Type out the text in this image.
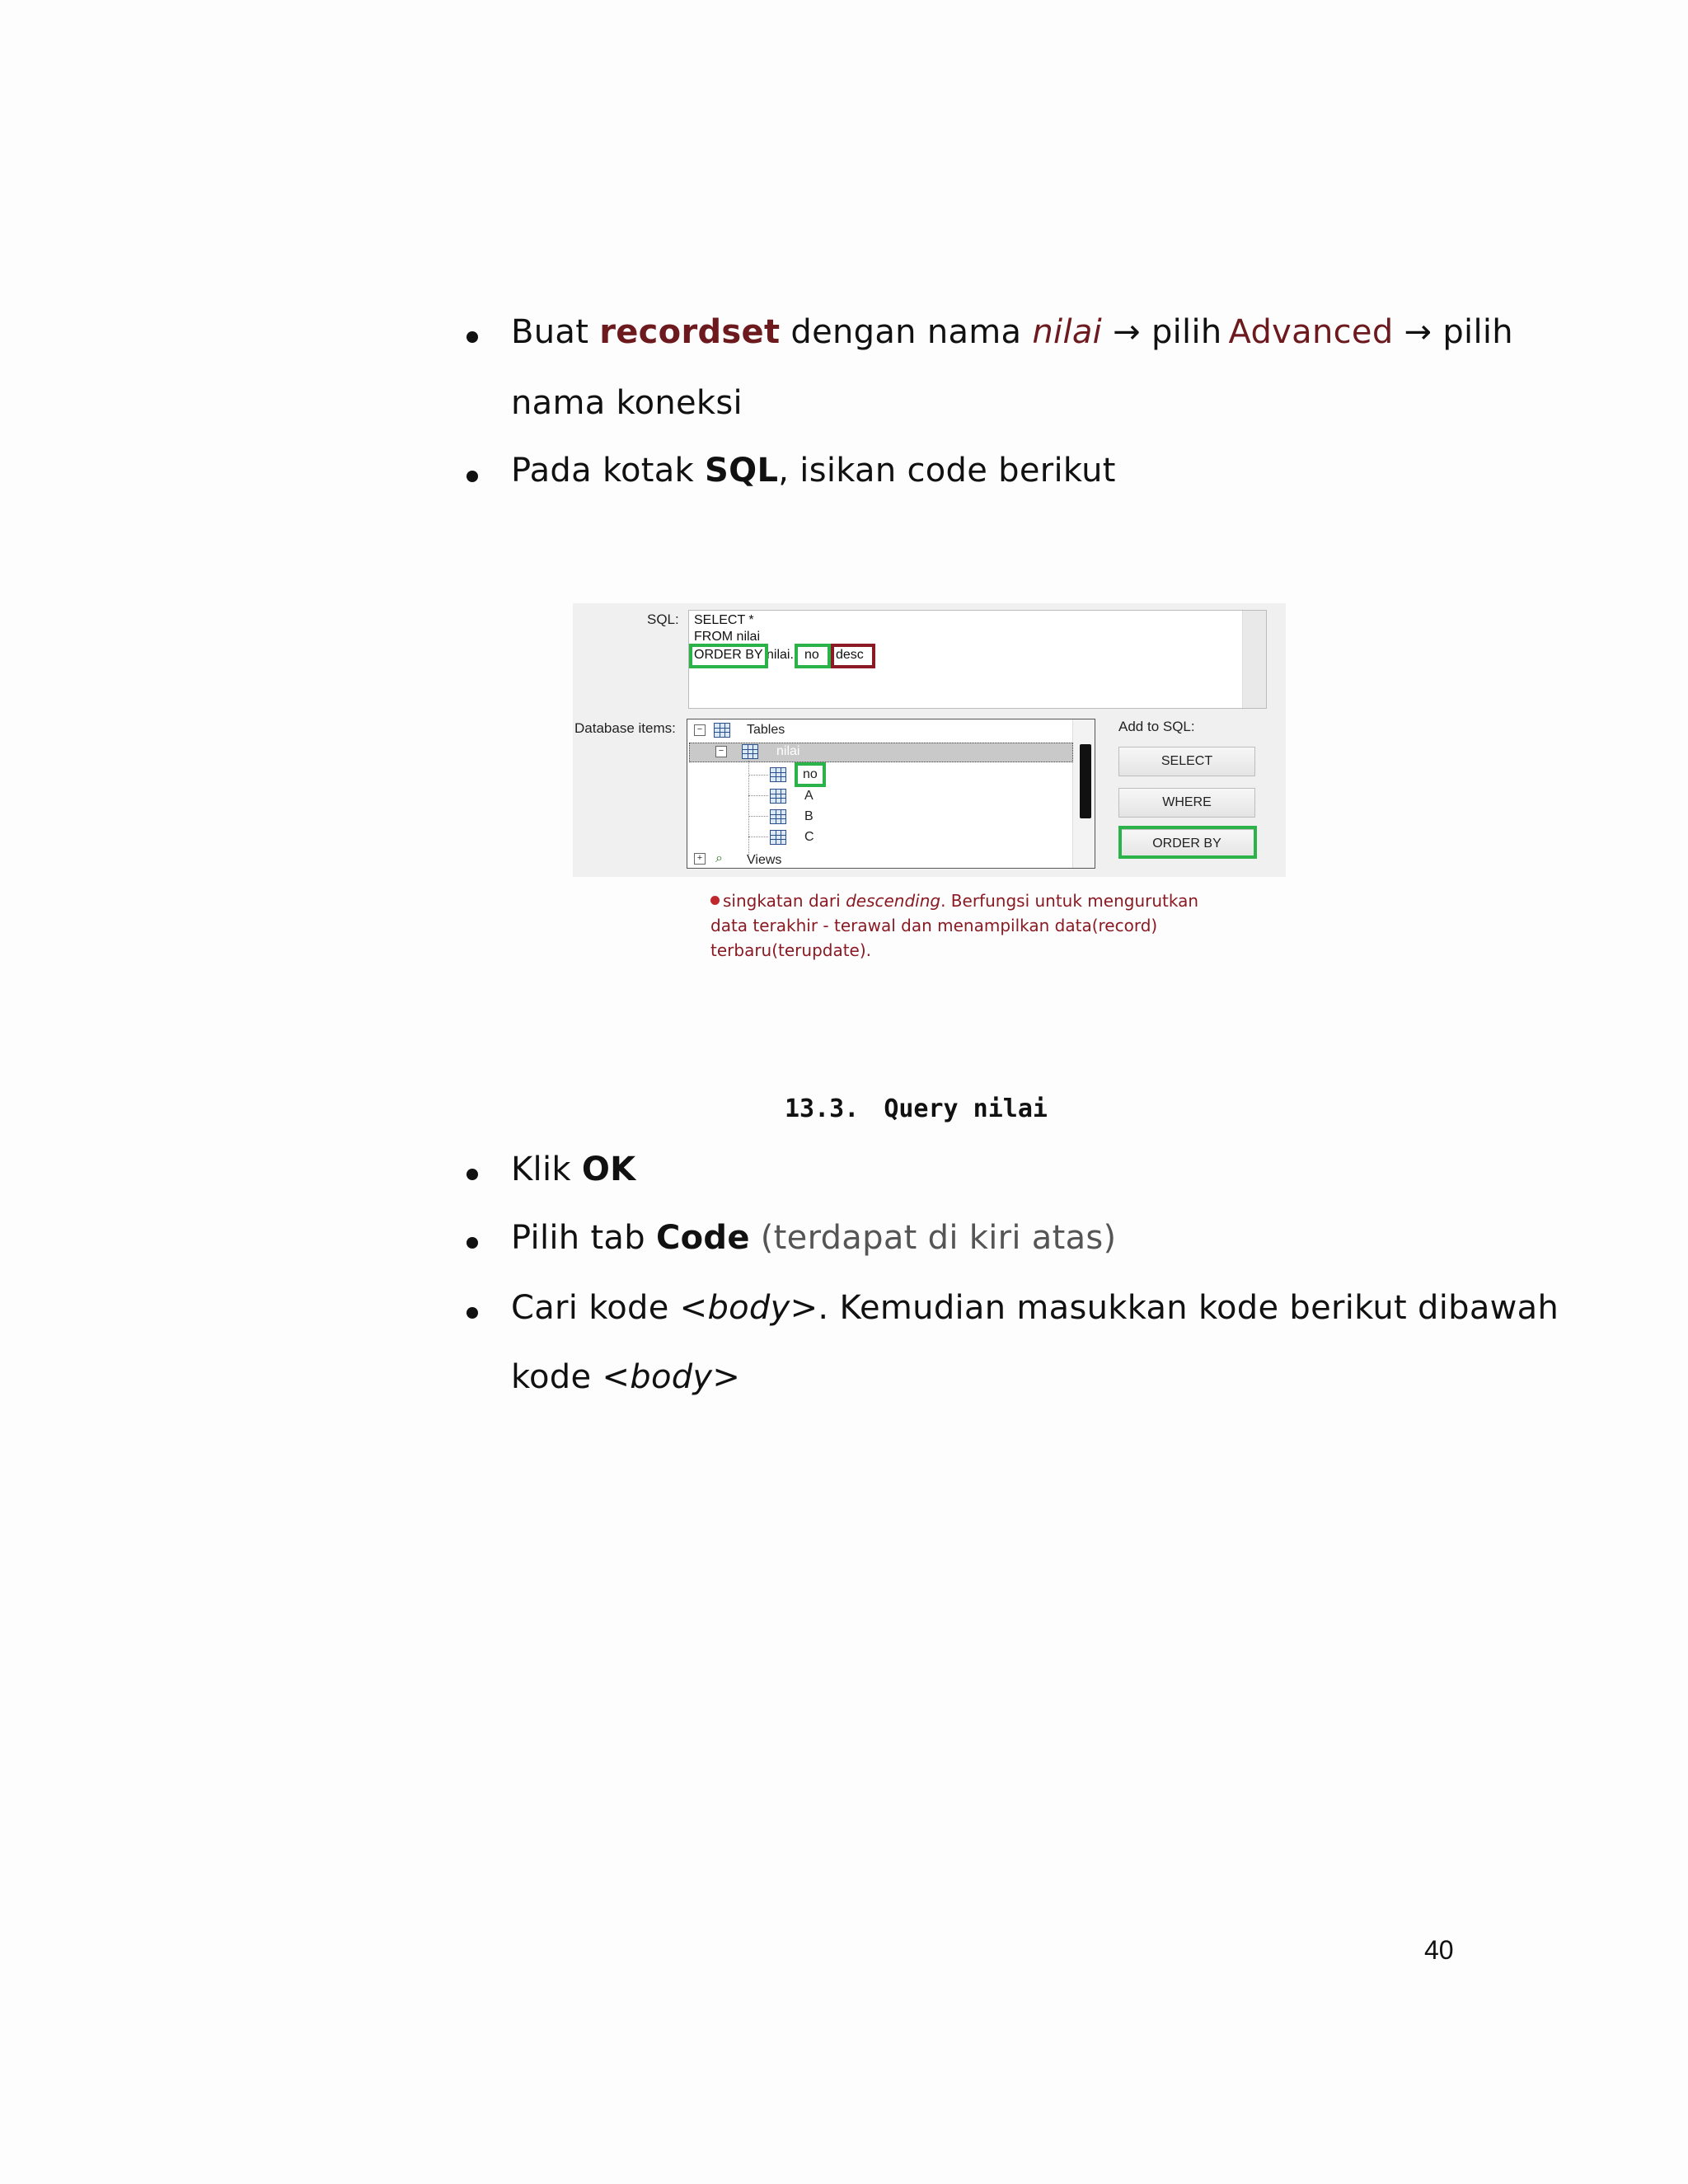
Buat recordset dengan nama nilai → pilih Advanced → pilih
nama koneksi
Pada kotak SQL, isikan code berikut
SQL: SELECT *
FROM nilai
ORDER BY nilai. no desc
Database items:	−	Tables
−	nilai
no
A
B
C
+ ⌕ Views
Add to SQL:
SELECT
WHERE
ORDER BY
singkatan dari descending. Berfungsi untuk mengurutkan data terakhir - terawal dan menampilkan data(record) terbaru(terupdate).
13.3. Query nilai
Klik OK
Pilih tab Code (terdapat di kiri atas)
Cari kode <body>. Kemudian masukkan kode berikut dibawah
kode <body>
40
